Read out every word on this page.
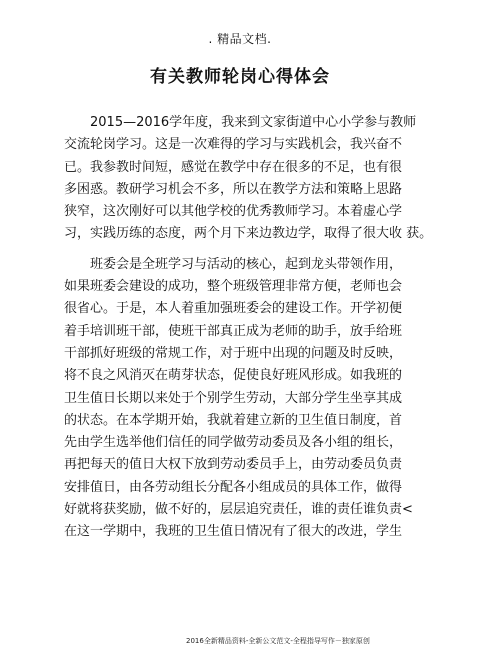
. 精品文档.
有关教师轮岗心得体会
2015—2016学年度，我来到文家街道中心小学参与教师
交流轮岗学习。这是一次难得的学习与实践机会，我兴奋不
已。我参教时间短，感觉在教学中存在很多的不足，也有很
多困惑。教研学习机会不多，所以在教学方法和策略上思路
狭窄，这次刚好可以其他学校的优秀教师学习。本着虚心学
习，实践历练的态度，两个月下来边教边学，取得了很大收 获。
班委会是全班学习与活动的核心，起到龙头带领作用，
如果班委会建设的成功，整个班级管理非常方便，老师也会
很省心。于是，本人着重加强班委会的建设工作。开学初便
着手培训班干部，使班干部真正成为老师的助手，放手给班
干部抓好班级的常规工作，对于班中出现的问题及时反映，
将不良之风消灭在萌芽状态，促使良好班风形成。如我班的
卫生值日长期以来处于个别学生劳动，大部分学生坐享其成
的状态。在本学期开始，我就着建立新的卫生值日制度，首
先由学生选举他们信任的同学做劳动委员及各小组的组长，
再把每天的值日大权下放到劳动委员手上，由劳动委员负责
安排值日，由各劳动组长分配各小组成员的具体工作，做得
好就将获奖励，做不好的，层层追究责任，谁的责任谁负责<
在这一学期中，我班的卫生值日情况有了很大的改进，学生
2016全新精品资料-全新公文范文-全程指导写作－独家原创
